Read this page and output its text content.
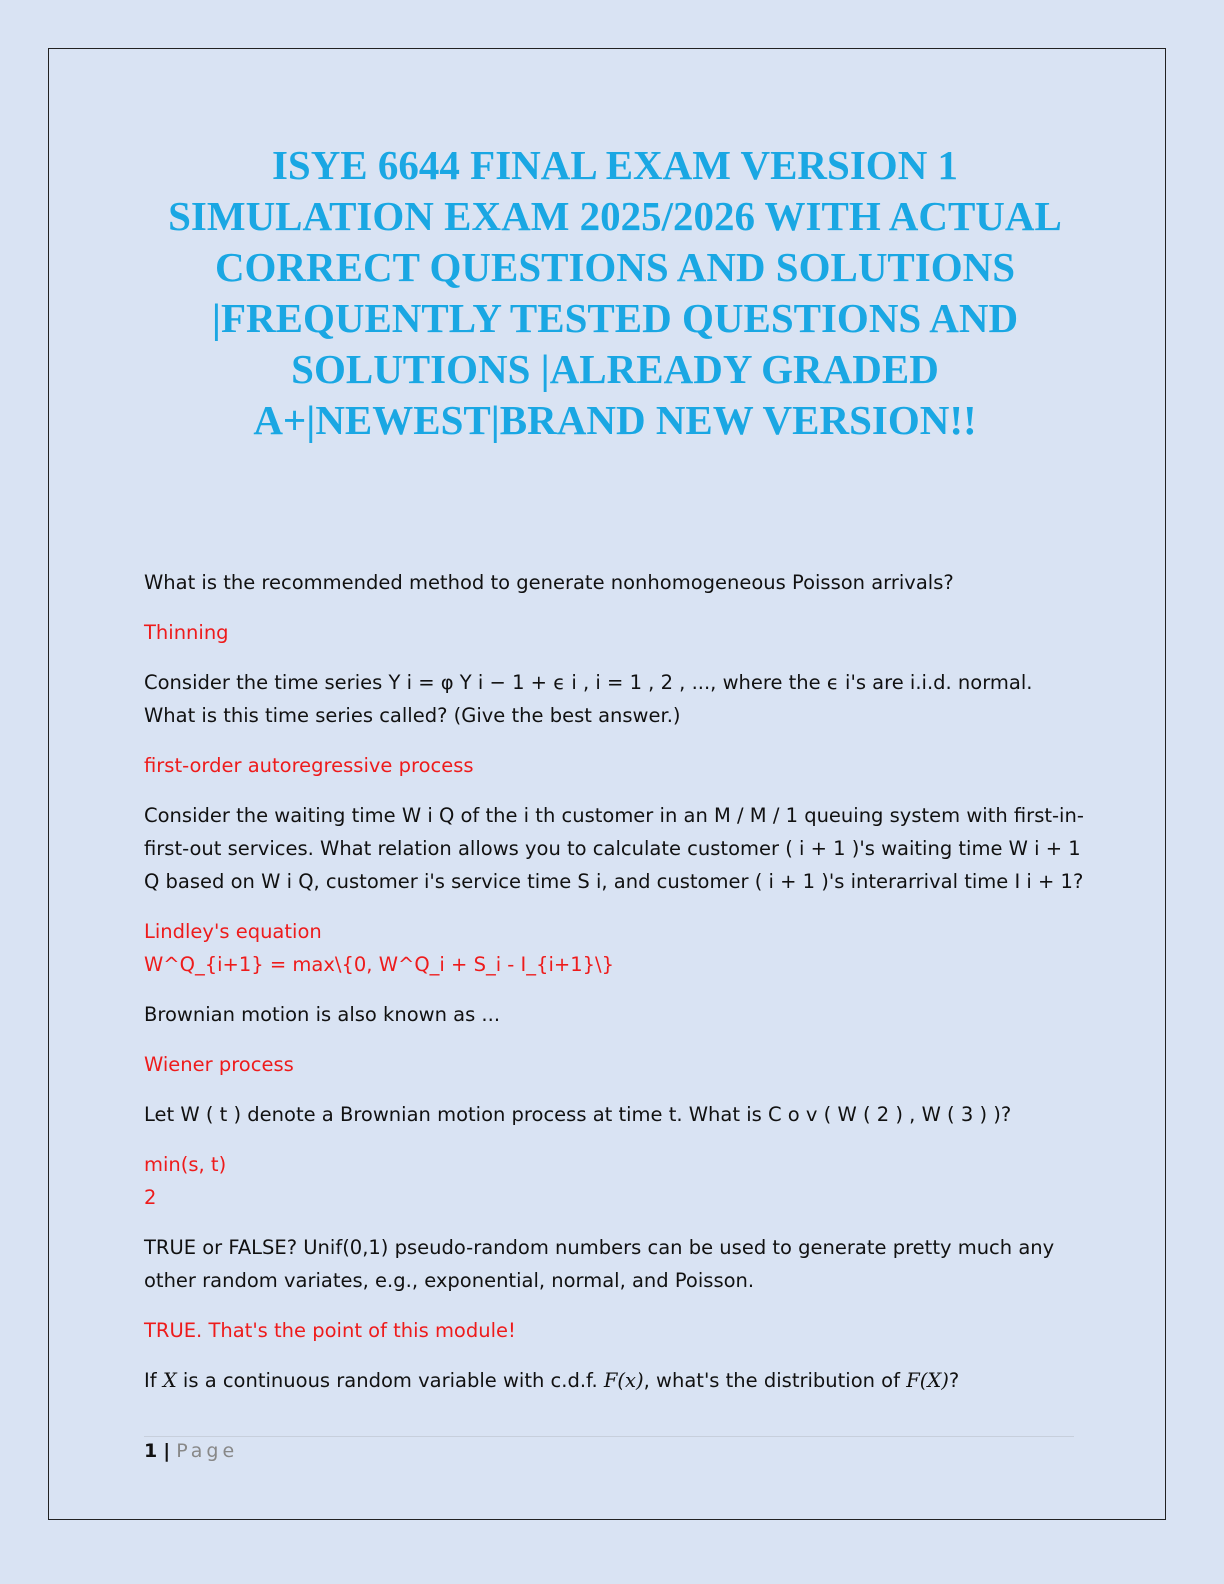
ISYE 6644 FINAL EXAM VERSION 1
SIMULATION EXAM 2025/2026 WITH ACTUAL
CORRECT QUESTIONS AND SOLUTIONS
|FREQUENTLY TESTED QUESTIONS AND
SOLUTIONS |ALREADY GRADED
A+|NEWEST|BRAND NEW VERSION!!

What is the recommended method to generate nonhomogeneous Poisson arrivals?

Thinning

Consider the time series Y i = φ Y i − 1 + ϵ i , i = 1 , 2 , ..., where the ϵ i's are i.i.d. normal. What is this time series called? (Give the best answer.)

first-order autoregressive process

Consider the waiting time W i Q of the i th customer in an M / M / 1 queuing system with first-in-first-out services. What relation allows you to calculate customer ( i + 1 )'s waiting time W i + 1 Q based on W i Q, customer i's service time S i, and customer ( i + 1 )'s interarrival time I i + 1?

Lindley's equation

W^Q_{i+1} = max\{0, W^Q_i + S_i - I_{i+1}\}

Brownian motion is also known as ...

Wiener process

Let W ( t ) denote a Brownian motion process at time t. What is C o v ( W ( 2 ) , W ( 3 ) )?

min(s, t)

2

TRUE or FALSE? Unif(0,1) pseudo-random numbers can be used to generate pretty much any other random variates, e.g., exponential, normal, and Poisson.

TRUE. That's the point of this module!

If X is a continuous random variable with c.d.f. F(x), what's the distribution of F(X)?

1 | Page
